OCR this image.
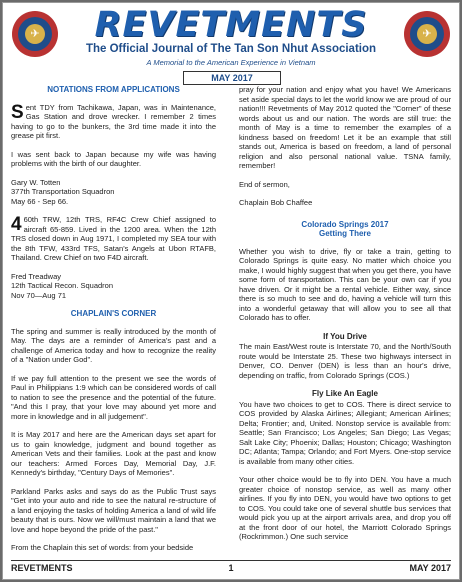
✈	✈
REVETMENTS
The Official Journal of The Tan Son Nhut Association
A Memorial to the American Experience in Vietnam
MAY 2017
NOTATIONS FROM APPLICATIONS

Sent TDY from Tachikawa, Japan, was in Maintenance, Gas Station and drove wrecker. I remember 2 times having to go to the bunkers, the 3rd time made it into the grease pit first.

I was sent back to Japan because my wife was having problems with the birth of our daughter.

Gary W. Totten

377th Transportation Squadron

May 66 - Sep 66.

4 60th TRW, 12th TRS, RF4C Crew Chief assigned to aircraft 65-859. Lived in the 1200 area. When the 12th TRS closed down in Aug 1971, I completed my SEA tour with the 8th TFW, 433rd TFS, Satan's Angels at Ubon RTAFB, Thailand. Crew Chief on two F4D aircraft.

Fred Treadway

12th Tactical Recon. Squadron

Nov 70—Aug 71

CHAPLAIN'S CORNER

The spring and summer is really introduced by the month of May. The days are a reminder of America's past and a challenge of America today and how to recognize the reality of a "Nation under God".

If we pay full attention to the present we see the words of Paul in Philippians 1:9 which can be considered words of call to nation to see the presence and the potential of the future. "And this I pray, that your love may abound yet more and more in knowledge and in all judgement".

It is May 2017 and here are the American days set apart for us to gain knowledge, judgment and bound together as American Vets and their families. Look at the past and know our teachers: Armed Forces Day, Memorial Day, J.F. Kennedy's birthday, "Century Days of Memories".

Parkland Parks asks and says do as the Public Trust says "Get into your auto and ride to see the natural re-structure of a land enjoying the tasks of holding America a land of wild life beauty that is ours. Now we will/must maintain a land that we love and hope beyond the pride of the past."

From the Chaplain this set of words: from your bedside

pray for your nation and enjoy what you have! We Americans set aside special days to let the world know we are proud of our nation!!! Revetments of May 2012 quoted the "Corner" of these words about us and our nation. The words are still true: the month of May is a time to remember the examples of a kindness based on freedom! Let it be an example that still stands out, America is based on freedom, a land of personal religion and also personal national value. TSNA family, remember!

End of sermon,

Chaplain Bob Chaffee

Colorado Springs 2017
Getting There

Whether you wish to drive, fly or take a train, getting to Colorado Springs is quite easy. No matter which choice you make, I would highly suggest that when you get there, you have some form of transportation. This can be your own car if you have driven. Or it might be a rental vehicle. Either way, since there is so much to see and do, having a vehicle will turn this into a wonderful getaway that will allow you to see all that Colorado has to offer.

If You Drive

The main East/West route is Interstate 70, and the North/South route would be Interstate 25. These two highways intersect in Denver, CO. Denver (DEN) is less than an hour's drive, depending on traffic, from Colorado Springs (COS.)

Fly Like An Eagle

You have two choices to get to COS. There is direct service to COS provided by Alaska Airlines; Allegiant; American Airlines; Delta; Frontier; and, United. Nonstop service is available from: Seattle; San Francisco; Los Angeles; San Diego; Las Vegas; Salt Lake City; Phoenix; Dallas; Houston; Chicago; Washington DC; Atlanta; Tampa; Orlando; and Fort Myers. One-stop service is available from many other cities.

Your other choice would be to fly into DEN. You have a much greater choice of nonstop service, as well as many other airlines. If you fly into DEN, you would have two options to get to COS. You could take one of several shuttle bus services that would pick you up at the airport arrivals area, and drop you off at the front door of our hotel, the Marriott Colorado Springs (Rockrimmon.) One such service

REVETMENTS	1	MAY 2017
